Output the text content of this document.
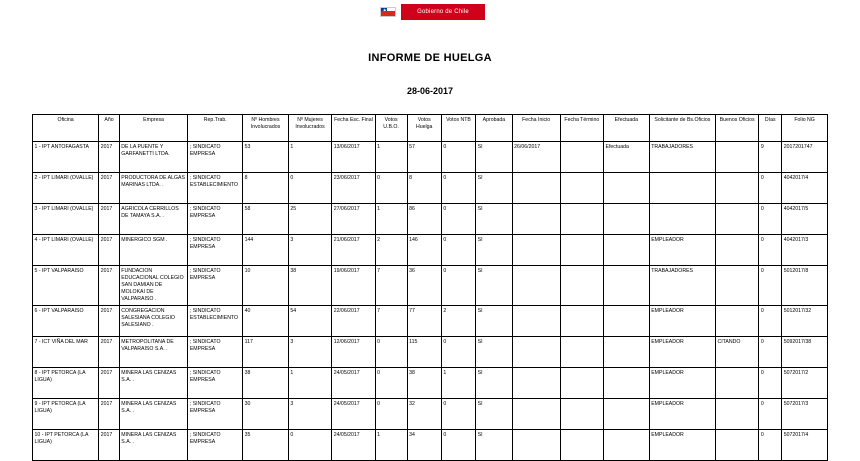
Gobierno de Chile
INFORME DE HUELGA
28-06-2017
Oficina	Año	Empresa	Rep.Trab.	Nº Hombres Involucrados	Nº Mujeres Involucrados	Fecha Esc. Final	Votos U.B.O.	Votos Huelga	Votos NTB	Aprobada	Fecha Inicio	Fecha Término	Efectuada	Solicitante de Bs.Oficios	Buenos Oficios	Días	Folio NG
1 - IPT ANTOFAGASTA	2017	DE LA PUENTE Y GARFANETTI LTDA.	; SINDICATO EMPRESA	53	1	13/06/2017	1	57	0	SI	26/06/2017		Efectuada	TRABAJADORES		9	2017201747
2 - IPT LIMARI (OVALLE)	2017	PRODUCTORA DE ALGAS MARINAS LTDA. .	; SINDICATO ESTABLECIMIENTO	8	0	23/06/2017	0	8	0	SI						0	4042017/4
3 - IPT LIMARI (OVALLE)	2017	AGRICOLA CERRILLOS DE TAMAYA S.A. .	; SINDICATO EMPRESA	58	25	27/06/2017	1	86	0	SI						0	4042017/5
4 - IPT LIMARI (OVALLE)	2017	MINERGICO SGM .	; SINDICATO EMPRESA	144	3	21/06/2017	2	146	0	SI				EMPLEADOR		0	4042017/3
5 - IPT VALPARAISO	2017	FUNDACION EDUCACIONAL COLEGIO SAN DAMIAN DE MOLOKAI DE VALPARAISO .	; SINDICATO EMPRESA	10	38	19/06/2017	7	36	0	SI				TRABAJADORES		0	5012017/8
6 - IPT VALPARAISO	2017	CONGREGACION SALESIANA COLEGIO SALESIANO .	; SINDICATO ESTABLECIMIENTO	40	54	22/06/2017	7	77	2	SI				EMPLEADOR		0	5012017/32
7 - ICT VIÑA DEL MAR	2017	METROPOLITANA DE VALPARAISO S.A. .	; SINDICATO EMPRESA	117	3	12/06/2017	0	115	0	SI				EMPLEADOR	CITANDO	0	5092017/38
8 - IPT PETORCA (LA LIGUA)	2017	MINERA LAS CENIZAS S.A. .	; SINDICATO EMPRESA	38	1	24/05/2017	0	38	1	SI				EMPLEADOR		0	5072017/2
9 - IPT PETORCA (LA LIGUA)	2017	MINERA LAS CENIZAS S.A. .	; SINDICATO EMPRESA	30	3	24/05/2017	0	32	0	SI				EMPLEADOR		0	5072017/3
10 - IPT PETORCA (LA LIGUA)	2017	MINERA LAS CENIZAS S.A. .	; SINDICATO EMPRESA	35	0	24/05/2017	1	34	0	SI				EMPLEADOR		0	5072017/4
